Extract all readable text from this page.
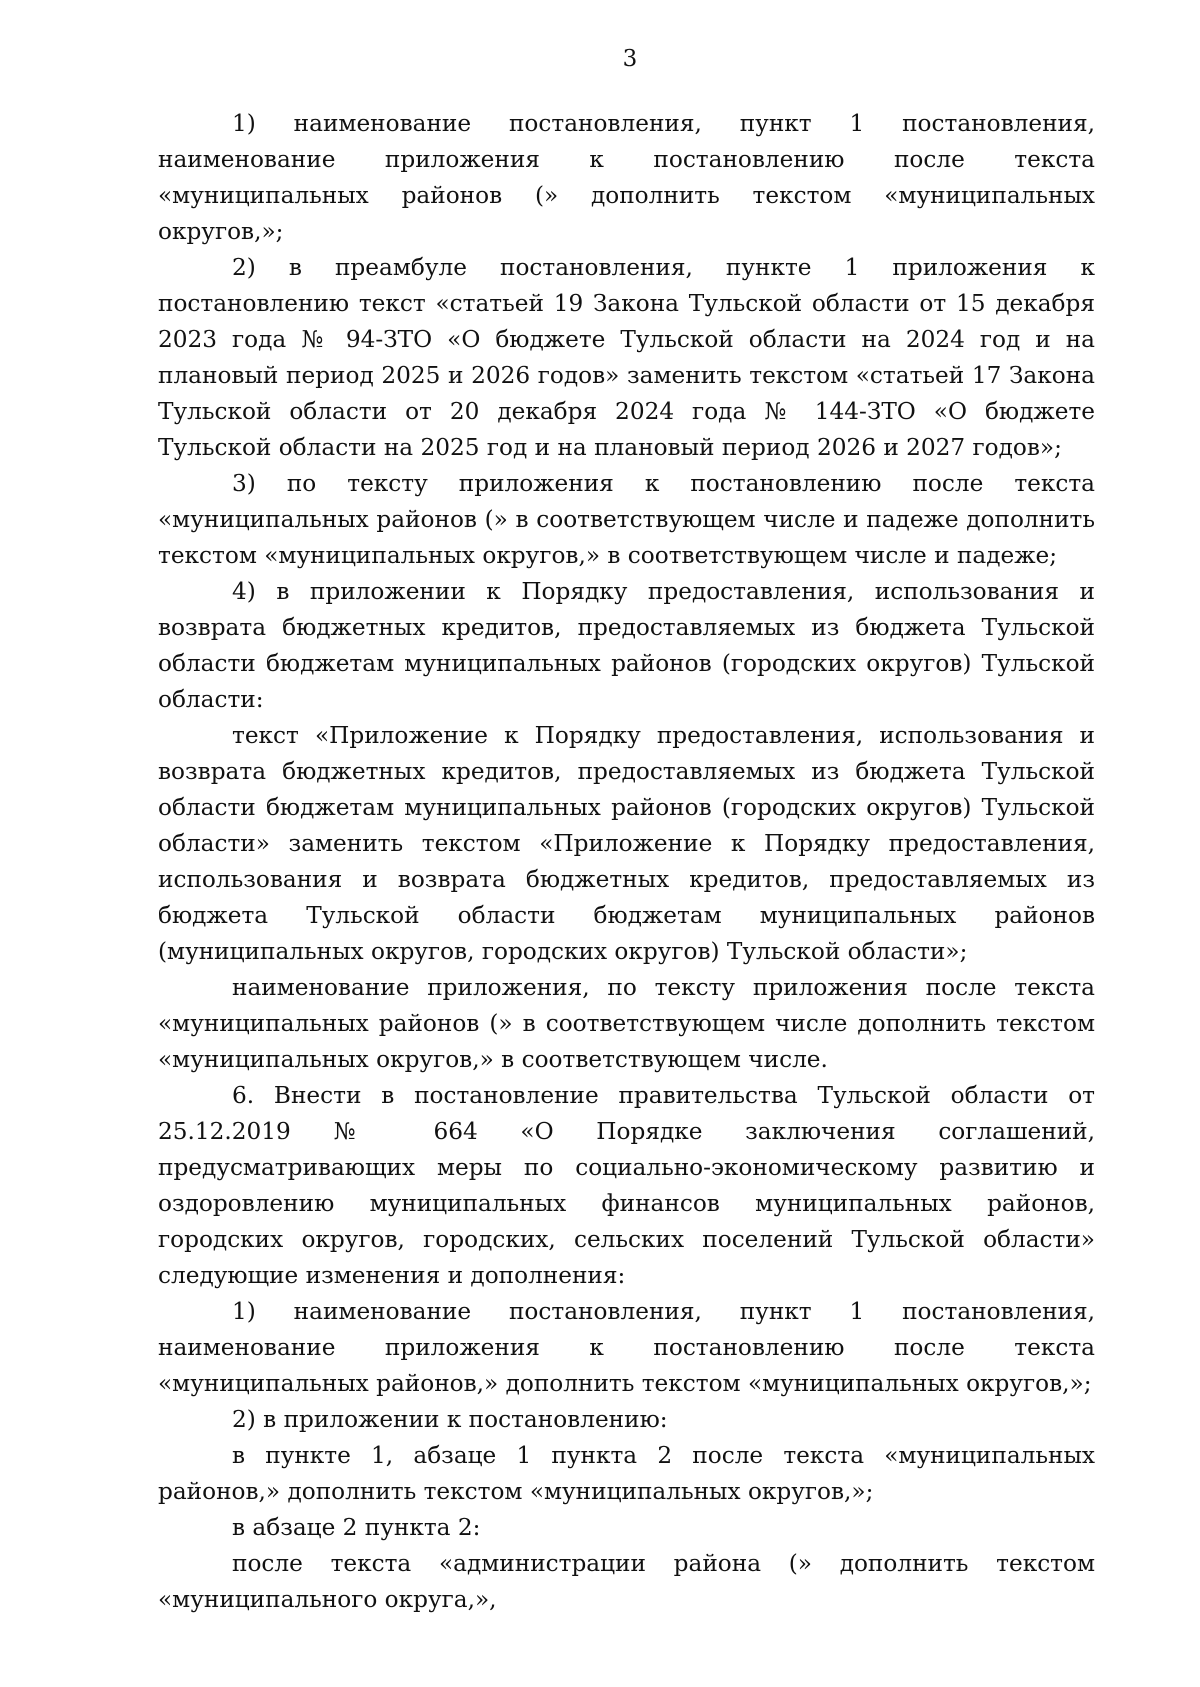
3

1) наименование постановления, пункт 1 постановления, наименование приложения к постановлению после текста «муниципальных районов (» дополнить текстом «муниципальных округов,»;

2) в преамбуле постановления, пункте 1 приложения к постановлению текст «статьей 19 Закона Тульской области от 15 декабря 2023 года № 94-ЗТО «О бюджете Тульской области на 2024 год и на плановый период 2025 и 2026 годов» заменить текстом «статьей 17 Закона Тульской области от 20 декабря 2024 года № 144-ЗТО «О бюджете Тульской области на 2025 год и на плановый период 2026 и 2027 годов»;

3) по тексту приложения к постановлению после текста «муниципальных районов (» в соответствующем числе и падеже дополнить текстом «муниципальных округов,» в соответствующем числе и падеже;

4) в приложении к Порядку предоставления, использования и возврата бюджетных кредитов, предоставляемых из бюджета Тульской области бюджетам муниципальных районов (городских округов) Тульской области:

текст «Приложение к Порядку предоставления, использования и возврата бюджетных кредитов, предоставляемых из бюджета Тульской области бюджетам муниципальных районов (городских округов) Тульской области» заменить текстом «Приложение к Порядку предоставления, использования и возврата бюджетных кредитов, предоставляемых из бюджета Тульской области бюджетам муниципальных районов (муниципальных округов, городских округов) Тульской области»;

наименование приложения, по тексту приложения после текста «муниципальных районов (» в соответствующем числе дополнить текстом «муниципальных округов,» в соответствующем числе.

6. Внести в постановление правительства Тульской области от 25.12.2019 № 664 «О Порядке заключения соглашений, предусматривающих меры по социально-экономическому развитию и оздоровлению муниципальных финансов муниципальных районов, городских округов, городских, сельских поселений Тульской области» следующие изменения и дополнения:

1) наименование постановления, пункт 1 постановления, наименование приложения к постановлению после текста «муниципальных районов,» дополнить текстом «муниципальных округов,»;

2) в приложении к постановлению:

в пункте 1, абзаце 1 пункта 2 после текста «муниципальных районов,» дополнить текстом «муниципальных округов,»;

в абзаце 2 пункта 2:

после текста «администрации района (» дополнить текстом «муниципального округа,»,
